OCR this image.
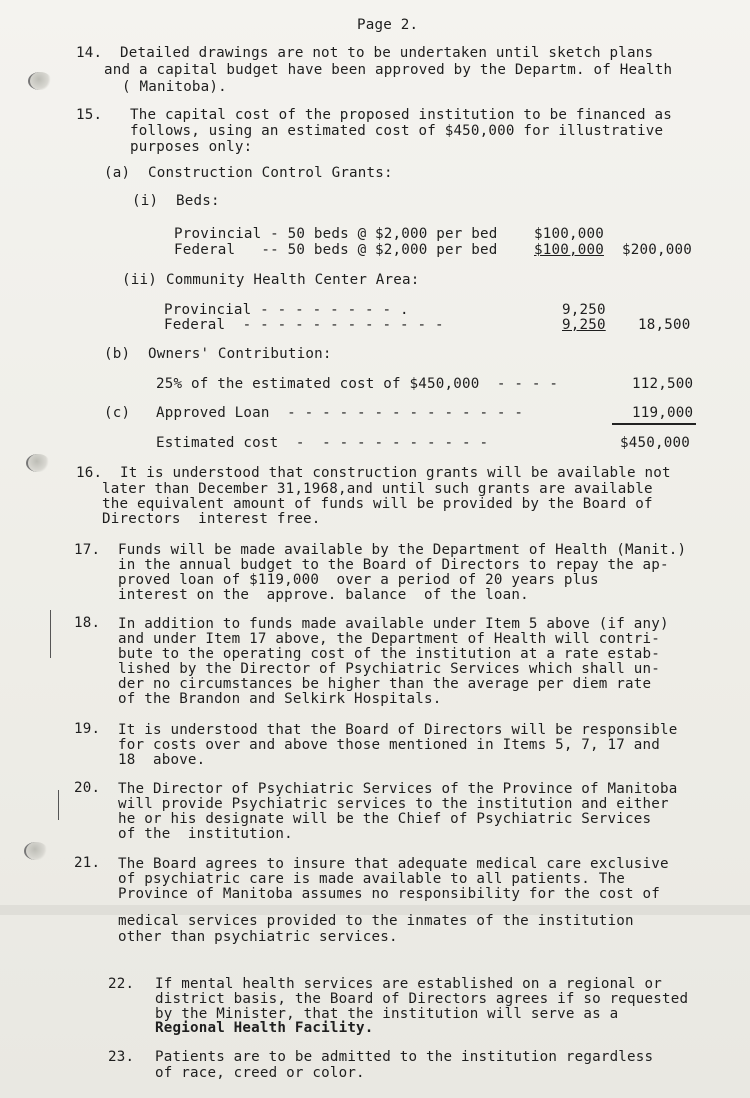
Page 2.
14. Detailed drawings are not to be undertaken until sketch plans
and a capital budget have been approved by the Departm. of Health
( Manitoba).
15. The capital cost of the proposed institution to be financed as
follows, using an estimated cost of $450,000 for illustrative
purposes only:
(a) Construction Control Grants:
(i) Beds:
Provincial - 50 beds @ $2,000 per bed	$100,000
Federal   -- 50 beds @ $2,000 per bed	$100,000 $200,000
(ii) Community Health Center Area:
Provincial - - - - - - - - .	9,250
Federal  - - - - - - - - - - - -	9,250 18,500
(b) Owners' Contribution:
25% of the estimated cost of $450,000  - - - -	112,500
(c) Approved Loan  - - - - - - - - - - - - - -	119,000
Estimated cost  -  - - - - - - - - - -	$450,000
16. It is understood that construction grants will be available not
later than December 31,1968,and until such grants are available
the equivalent amount of funds will be provided by the Board of
Directors  interest free.
17. Funds will be made available by the Department of Health (Manit.)
in the annual budget to the Board of Directors to repay the ap-
proved loan of $119,000  over a period of 20 years plus
interest on the  approve. balance  of the loan.
18. In addition to funds made available under Item 5 above (if any)
and under Item 17 above, the Department of Health will contri-
bute to the operating cost of the institution at a rate estab-
lished by the Director of Psychiatric Services which shall un-
der no circumstances be higher than the average per diem rate
of the Brandon and Selkirk Hospitals.
19. It is understood that the Board of Directors will be responsible
for costs over and above those mentioned in Items 5, 7, 17 and
18  above.
20. The Director of Psychiatric Services of the Province of Manitoba
will provide Psychiatric services to the institution and either
he or his designate will be the Chief of Psychiatric Services
of the  institution.
21. The Board agrees to insure that adequate medical care exclusive
of psychiatric care is made available to all patients. The
Province of Manitoba assumes no responsibility for the cost of
medical services provided to the inmates of the institution
other than psychiatric services.
22. If mental health services are established on a regional or
district basis, the Board of Directors agrees if so requested
by the Minister, that the institution will serve as a
Regional Health Facility.
23. Patients are to be admitted to the institution regardless
of race, creed or color.
